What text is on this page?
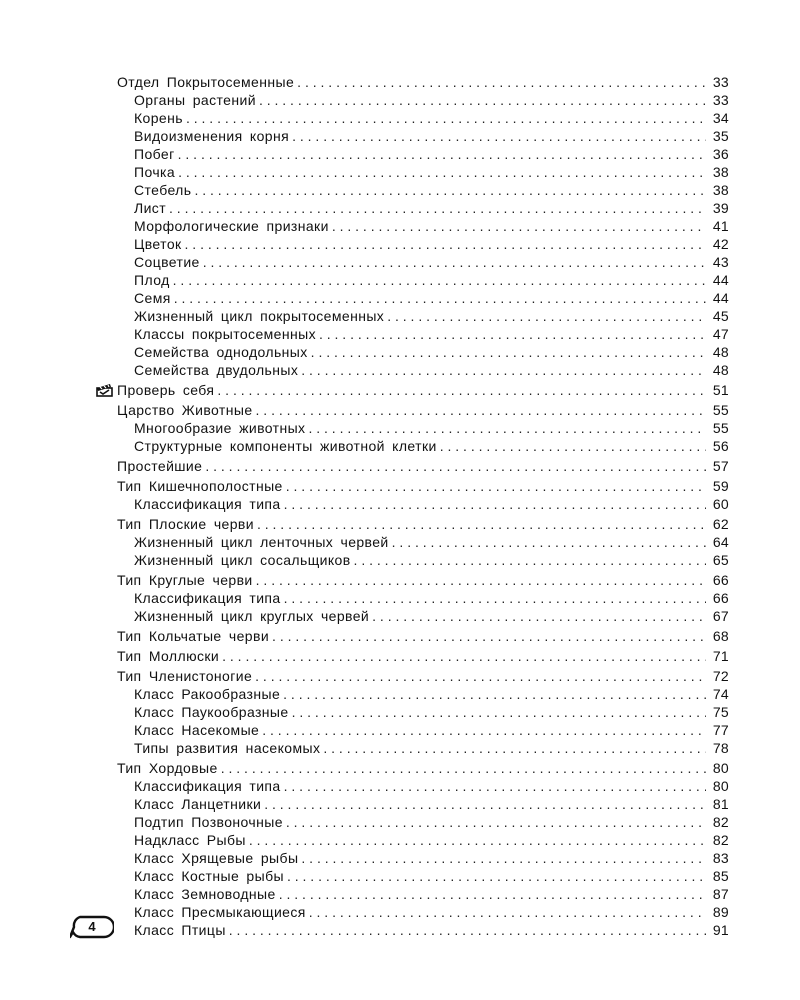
Отдел Покрытосеменные . . .	33
Органы растений . . .	33
Корень . . .	34
Видоизменения корня . . .	35
Побег . . .	36
Почка . . .	38
Стебель . . .	38
Лист . . .	39
Морфологические признаки . . .	41
Цветок . . .	42
Соцветие . . .	43
Плод . . .	44
Семя . . .	44
Жизненный цикл покрытосеменных . . .	45
Классы покрытосеменных . . .	47
Семейства однодольных . . .	48
Семейства двудольных . . .	48
Проверь себя . . .	51
Царство Животные . . .	55
Многообразие животных . . .	55
Структурные компоненты животной клетки . . .	56
Простейшие . . .	57
Тип Кишечнополостные . . .	59
Классификация типа . . .	60
Тип Плоские черви . . .	62
Жизненный цикл ленточных червей . . .	64
Жизненный цикл сосальщиков . . .	65
Тип Круглые черви . . .	66
Классификация типа . . .	66
Жизненный цикл круглых червей . . .	67
Тип Кольчатые черви . . .	68
Тип Моллюски . . .	71
Тип Членистоногие . . .	72
Класс Ракообразные . . .	74
Класс Паукообразные . . .	75
Класс Насекомые . . .	77
Типы развития насекомых . . .	78
Тип Хордовые . . .	80
Классификация типа . . .	80
Класс Ланцетники . . .	81
Подтип Позвоночные . . .	82
Надкласс Рыбы . . .	82
Класс Хрящевые рыбы . . .	83
Класс Костные рыбы . . .	85
Класс Земноводные . . .	87
Класс Пресмыкающиеся . . .	89
Класс Птицы . . .	91
4
